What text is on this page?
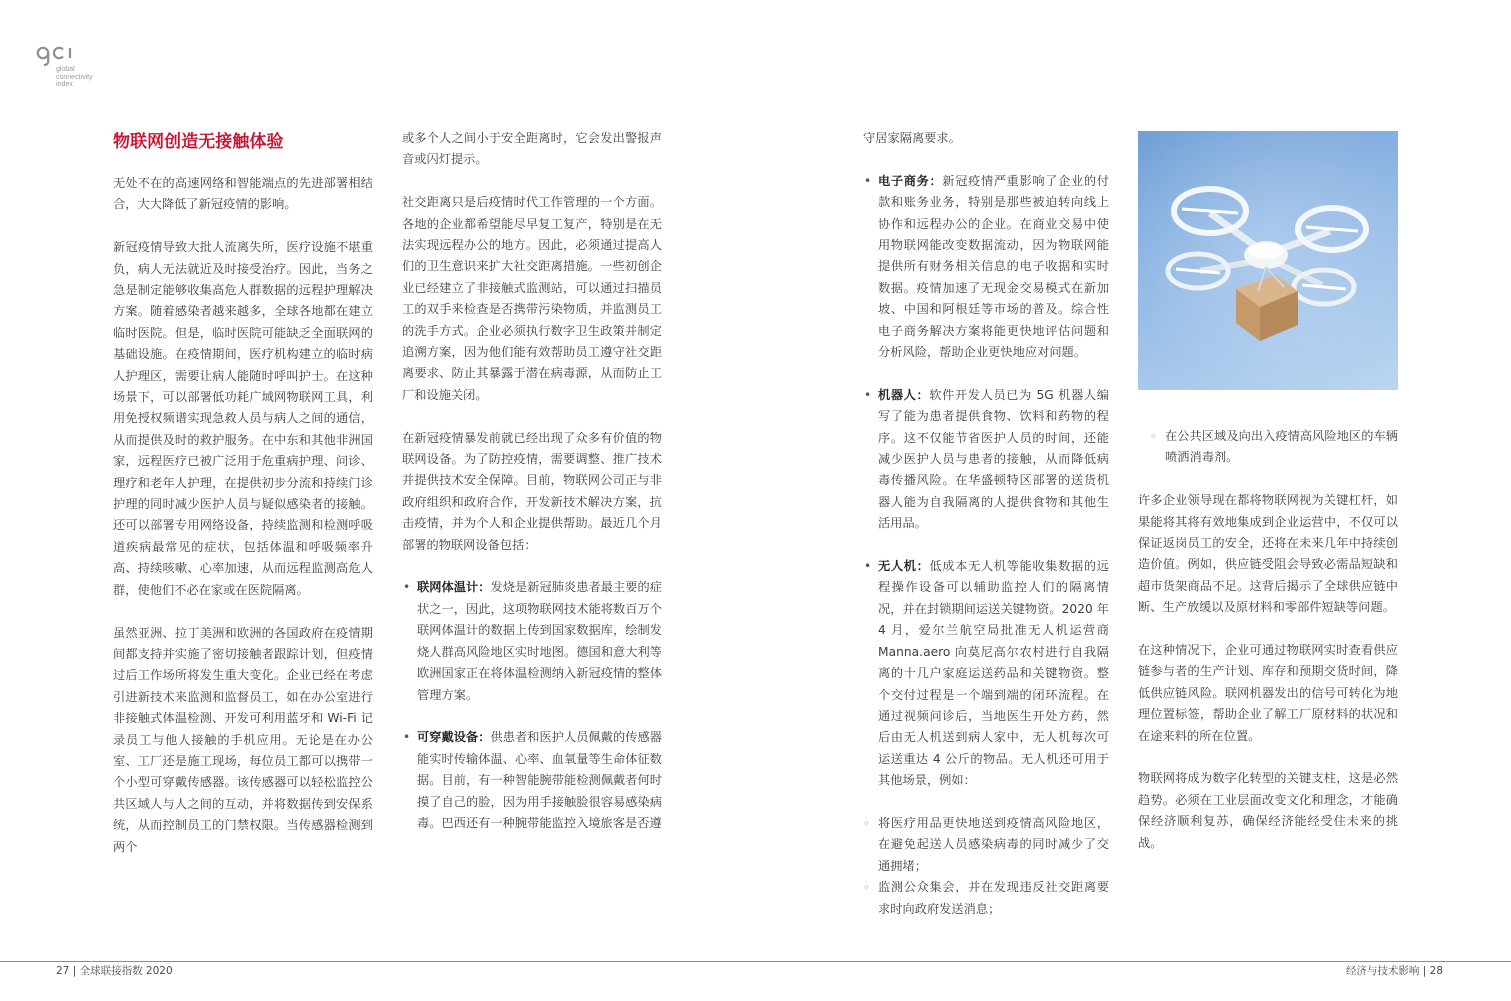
global
connectivity
index
物联网创造无接触体验

无处不在的高速网络和智能端点的先进部署相结合，大大降低了新冠疫情的影响。

新冠疫情导致大批人流离失所，医疗设施不堪重负，病人无法就近及时接受治疗。因此，当务之急是制定能够收集高危人群数据的远程护理解决方案。随着感染者越来越多，全球各地都在建立临时医院。但是，临时医院可能缺乏全面联网的基础设施。在疫情期间，医疗机构建立的临时病人护理区，需要让病人能随时呼叫护士。在这种场景下，可以部署低功耗广域网物联网工具，利用免授权频谱实现急救人员与病人之间的通信，从而提供及时的救护服务。在中东和其他非洲国家，远程医疗已被广泛用于危重病护理、问诊、理疗和老年人护理，在提供初步分流和持续门诊护理的同时减少医护人员与疑似感染者的接触。还可以部署专用网络设备，持续监测和检测呼吸道疾病最常见的症状，包括体温和呼吸频率升高、持续咳嗽、心率加速，从而远程监测高危人群，使他们不必在家或在医院隔离。

虽然亚洲、拉丁美洲和欧洲的各国政府在疫情期间都支持并实施了密切接触者跟踪计划，但疫情过后工作场所将发生重大变化。企业已经在考虑引进新技术来监测和监督员工，如在办公室进行非接触式体温检测、开发可利用蓝牙和 Wi-Fi 记录员工与他人接触的手机应用。无论是在办公室、工厂还是施工现场，每位员工都可以携带一个小型可穿戴传感器。该传感器可以轻松监控公共区域人与人之间的互动，并将数据传到安保系统，从而控制员工的门禁权限。当传感器检测到两个

或多个人之间小于安全距离时，它会发出警报声音或闪灯提示。

社交距离只是后疫情时代工作管理的一个方面。各地的企业都希望能尽早复工复产，特别是在无法实现远程办公的地方。因此，必须通过提高人们的卫生意识来扩大社交距离措施。一些初创企业已经建立了非接触式监测站，可以通过扫描员工的双手来检查是否携带污染物质，并监测员工的洗手方式。企业必须执行数字卫生政策并制定追溯方案，因为他们能有效帮助员工遵守社交距离要求、防止其暴露于潜在病毒源，从而防止工厂和设施关闭。

在新冠疫情暴发前就已经出现了众多有价值的物联网设备。为了防控疫情，需要调整、推广技术并提供技术安全保障。目前，物联网公司正与非政府组织和政府合作，开发新技术解决方案，抗击疫情，并为个人和企业提供帮助。最近几个月部署的物联网设备包括：

• 联网体温计：发烧是新冠肺炎患者最主要的症状之一，因此，这项物联网技术能将数百万个联网体温计的数据上传到国家数据库，绘制发烧人群高风险地区实时地图。德国和意大利等欧洲国家正在将体温检测纳入新冠疫情的整体管理方案。
• 可穿戴设备：供患者和医护人员佩戴的传感器能实时传输体温、心率、血氧量等生命体征数据。目前，有一种智能腕带能检测佩戴者何时摸了自己的脸，因为用手接触脸很容易感染病毒。巴西还有一种腕带能监控入境旅客是否遵

守居家隔离要求。

• 电子商务：新冠疫情严重影响了企业的付款和账务业务，特别是那些被迫转向线上协作和远程办公的企业。在商业交易中使用物联网能改变数据流动，因为物联网能提供所有财务相关信息的电子收据和实时数据。疫情加速了无现金交易模式在新加坡、中国和阿根廷等市场的普及。综合性电子商务解决方案将能更快地评估问题和分析风险，帮助企业更快地应对问题。
• 机器人：软件开发人员已为 5G 机器人编写了能为患者提供食物、饮料和药物的程序。这不仅能节省医护人员的时间，还能减少医护人员与患者的接触，从而降低病毒传播风险。在华盛顿特区部署的送货机器人能为自我隔离的人提供食物和其他生活用品。
• 无人机：低成本无人机等能收集数据的远程操作设备可以辅助监控人们的隔离情况，并在封锁期间运送关键物资。2020 年 4 月，爱尔兰航空局批准无人机运营商 Manna.aero 向莫尼高尔农村进行自我隔离的十几户家庭运送药品和关键物资。整个交付过程是一个端到端的闭环流程。在通过视频问诊后，当地医生开处方药，然后由无人机送到病人家中，无人机每次可运送重达 4 公斤的物品。无人机还可用于其他场景，例如：
◦ 将医疗用品更快地送到疫情高风险地区，在避免起送人员感染病毒的同时减少了交通拥堵；
◦ 监测公众集会，并在发现违反社交距离要求时向政府发送消息；
◦ 在公共区域及向出入疫情高风险地区的车辆喷洒消毒剂。

许多企业领导现在都将物联网视为关键杠杆，如果能将其将有效地集成到企业运营中，不仅可以保证返岗员工的安全，还将在未来几年中持续创造价值。例如，供应链受阻会导致必需品短缺和超市货架商品不足。这背后揭示了全球供应链中断、生产放缓以及原材料和零部件短缺等问题。

在这种情况下，企业可通过物联网实时查看供应链参与者的生产计划、库存和预期交货时间，降低供应链风险。联网机器发出的信号可转化为地理位置标签，帮助企业了解工厂原材料的状况和在途来料的所在位置。

物联网将成为数字化转型的关键支柱，这是必然趋势。必须在工业层面改变文化和理念，才能确保经济顺利复苏，确保经济能经受住未来的挑战。

27 | 全球联接指数 2020	经济与技术影响 | 28
